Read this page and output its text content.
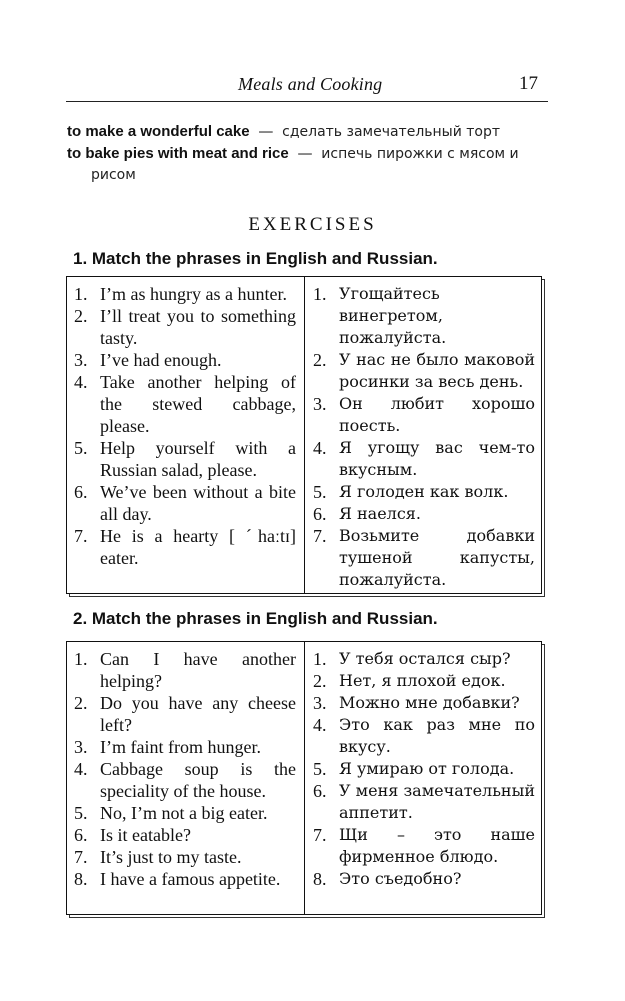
Meals and Cooking	17

to make a wonderful cake — сделать замечательный торт

to bake pies with meat and rice — испечь пирожки с мясом и
рисом

EXERCISES
1. Match the phrases in English and Russian.
1. I’m as hungry as a hunter.
2. I’ll treat you to something tasty.
3. I’ve had enough.
4. Take another helping of the stewed cabbage, please.
5. Help yourself with a Russian salad, please.
6. We’ve been without a bite all day.
7. He is a hearty [ ˊhaːtɪ] eater.
1. Угощайтесь винегретом, пожалуйста.
2. У нас не было маковой росинки за весь день.
3. Он любит хорошо поесть.
4. Я угощу вас чем-то вкусным.
5. Я голоден как волк.
6. Я наелся.
7. Возьмите добавки тушеной капусты, пожалуйста.
2. Match the phrases in English and Russian.
1. Can I have another helping?
2. Do you have any cheese left?
3. I’m faint from hunger.
4. Cabbage soup is the speciality of the house.
5. No, I’m not a big eater.
6. Is it eatable?
7. It’s just to my taste.
8. I have a famous appetite.
1. У тебя остался сыр?
2. Нет, я плохой едок.
3. Можно мне добавки?
4. Это как раз мне по вкусу.
5. Я умираю от голода.
6. У меня замечательный аппетит.
7. Щи – это наше фирменное блюдо.
8. Это съедобно?
